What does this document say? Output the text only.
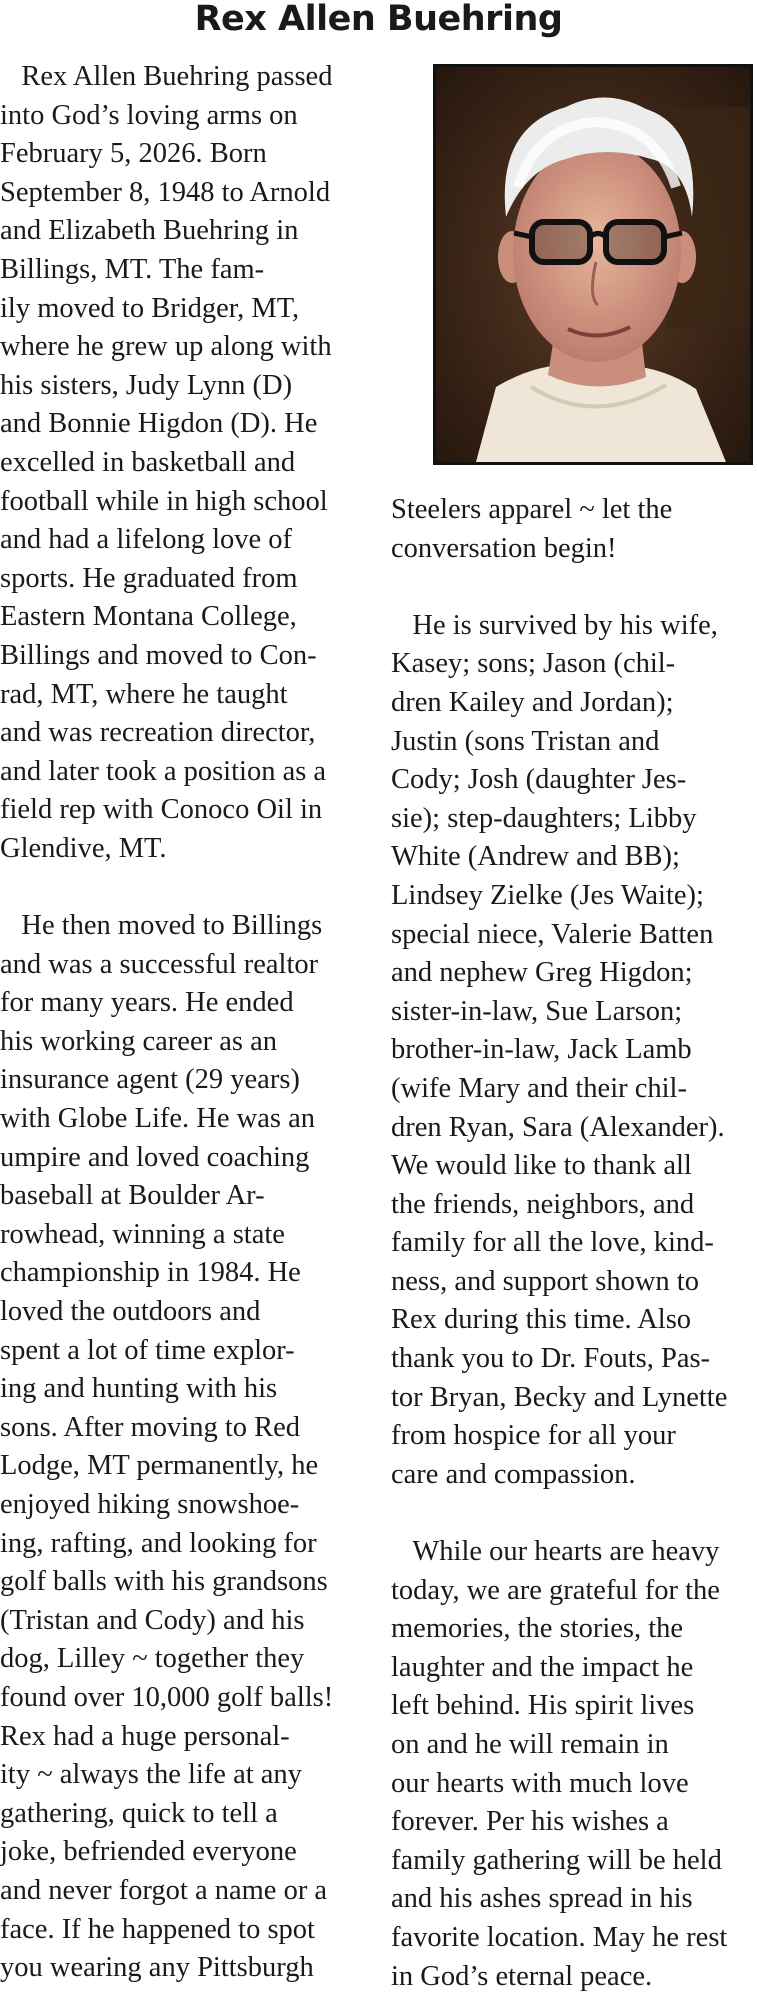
Rex Allen Buehring
Rex Allen Buehring passed
into God’s loving arms on
February 5, 2026. Born
September 8, 1948 to Arnold
and Elizabeth Buehring in
Billings, MT. The fam-
ily moved to Bridger, MT,
where he grew up along with
his sisters, Judy Lynn (D)
and Bonnie Higdon (D). He
excelled in basketball and
football while in high school
and had a lifelong love of
sports. He graduated from
Eastern Montana College,
Billings and moved to Con-
rad, MT, where he taught
and was recreation director,
and later took a position as a
field rep with Conoco Oil in
Glendive, MT.
He then moved to Billings
and was a successful realtor
for many years. He ended
his working career as an
insurance agent (29 years)
with Globe Life. He was an
umpire and loved coaching
baseball at Boulder Ar-
rowhead, winning a state
championship in 1984. He
loved the outdoors and
spent a lot of time explor-
ing and hunting with his
sons. After moving to Red
Lodge, MT permanently, he
enjoyed hiking snowshoe-
ing, rafting, and looking for
golf balls with his grandsons
(Tristan and Cody) and his
dog, Lilley ~ together they
found over 10,000 golf balls!
Rex had a huge personal-
ity ~ always the life at any
gathering, quick to tell a
joke, befriended everyone
and never forgot a name or a
face. If he happened to spot
you wearing any Pittsburgh
Steelers apparel ~ let the
conversation begin!
He is survived by his wife,
Kasey; sons; Jason (chil-
dren Kailey and Jordan);
Justin (sons Tristan and
Cody; Josh (daughter Jes-
sie); step-daughters; Libby
White (Andrew and BB);
Lindsey Zielke (Jes Waite);
special niece, Valerie Batten
and nephew Greg Higdon;
sister-in-law, Sue Larson;
brother-in-law, Jack Lamb
(wife Mary and their chil-
dren Ryan, Sara (Alexander).
We would like to thank all
the friends, neighbors, and
family for all the love, kind-
ness, and support shown to
Rex during this time. Also
thank you to Dr. Fouts, Pas-
tor Bryan, Becky and Lynette
from hospice for all your
care and compassion.
While our hearts are heavy
today, we are grateful for the
memories, the stories, the
laughter and the impact he
left behind. His spirit lives
on and he will remain in
our hearts with much love
forever. Per his wishes a
family gathering will be held
and his ashes spread in his
favorite location. May he rest
in God’s eternal peace.
